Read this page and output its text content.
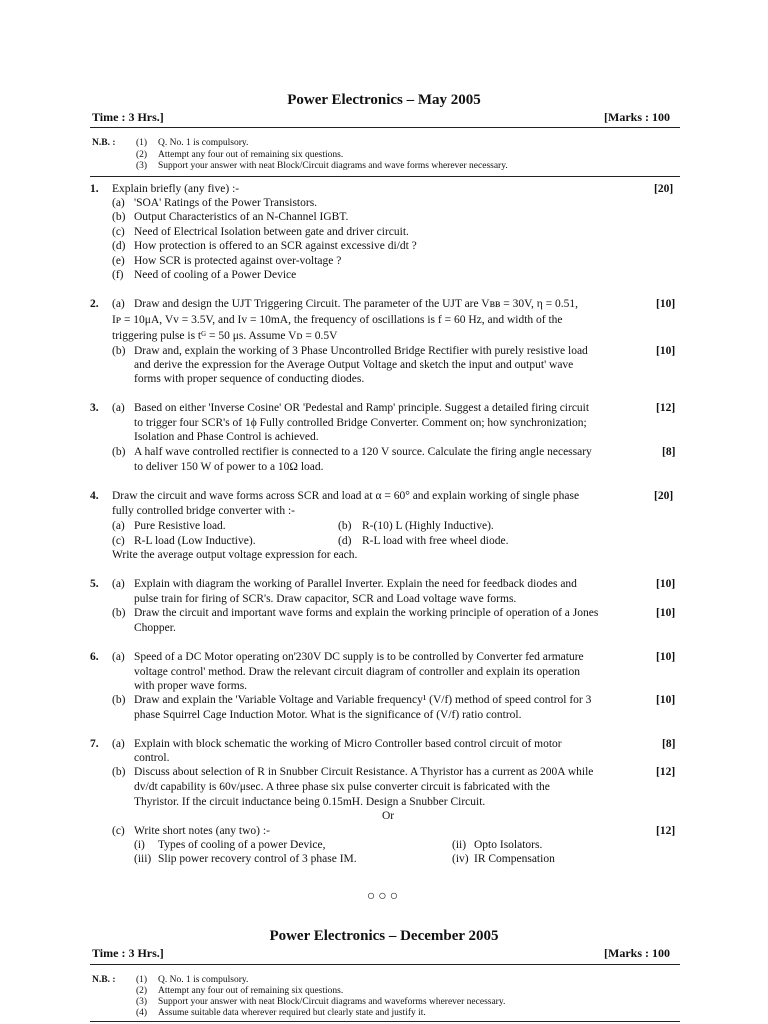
Power Electronics – May 2005
Time : 3 Hrs.]	[Marks : 100
N.B. : (1) Q. No. 1 is compulsory.
(2) Attempt any four out of remaining six questions.
(3) Support your answer with neat Block/Circuit diagrams and wave forms wherever necessary.
1. Explain briefly (any five) :-	[20]
(a) 'SOA' Ratings of the Power Transistors.
(b) Output Characteristics of an N-Channel IGBT.
(c) Need of Electrical Isolation between gate and driver circuit.
(d) How protection is offered to an SCR against excessive di/dt ?
(e) How SCR is protected against over-voltage ?
(f) Need of cooling of a Power Device
2. (a) Draw and design the UJT Triggering Circuit. The parameter of the UJT are Vʙʙ = 30V, η = 0.51,
Iᴘ = 10μA, Vᴠ = 3.5V, and Iᴠ = 10mA, the frequency of oscillations is f = 60 Hz, and width of the
triggering pulse is tᴳ = 50 μs. Assume Vᴅ = 0.5V
[10]
(b) Draw and, explain the working of 3 Phase Uncontrolled Bridge Rectifier with purely resistive load
and derive the expression for the Average Output Voltage and sketch the input and output' wave
forms with proper sequence of conducting diodes.
[10]
3. (a) Based on either 'Inverse Cosine' OR 'Pedestal and Ramp' principle. Suggest a detailed firing circuit
to trigger four SCR's of 1ϕ Fully controlled Bridge Converter. Comment on; how synchronization;
Isolation and Phase Control is achieved.
[12]
(b) A half wave controlled rectifier is connected to a 120 V source. Calculate the firing angle necessary
to deliver 150 W of power to a 10Ω load.
[8]
4. Draw the circuit and wave forms across SCR and load at α = 60° and explain working of single phase
fully controlled bridge converter with :-
[20]
(a) Pure Resistive load.	(b) R-(10) L (Highly Inductive).
(c) R-L load (Low Inductive).	(d) R-L load with free wheel diode.
Write the average output voltage expression for each.
5. (a) Explain with diagram the working of Parallel Inverter. Explain the need for feedback diodes and
pulse train for firing of SCR's. Draw capacitor, SCR and Load voltage wave forms.
[10]
(b) Draw the circuit and important wave forms and explain the working principle of operation of a Jones
Chopper.
[10]
6. (a) Speed of a DC Motor operating on'230V DC supply is to be controlled by Converter fed armature
voltage control' method. Draw the relevant circuit diagram of controller and explain its operation
with proper wave forms.
[10]
(b) Draw and explain the 'Variable Voltage and Variable frequency¹ (V/f) method of speed control for 3
phase Squirrel Cage Induction Motor. What is the significance of (V/f) ratio control.
[10]
7. (a) Explain with block schematic the working of Micro Controller based control circuit of motor
control.
[8]
(b) Discuss about selection of R in Snubber Circuit Resistance. A Thyristor has a current as 200A while
dv/dt capability is 60v/μsec. A three phase six pulse converter circuit is fabricated with the
Thyristor. If the circuit inductance being 0.15mH. Design a Snubber Circuit.
[12]
Or
(c) Write short notes (any two) :-	[12]
(i) Types of cooling of a power Device,	(ii) Opto Isolators.
(iii) Slip power recovery control of 3 phase IM.	(iv) IR Compensation
○○○
Power Electronics – December 2005
Time : 3 Hrs.]	[Marks : 100
N.B. : (1) Q. No. 1 is compulsory.
(2) Attempt any four out of remaining six questions.
(3) Support your answer with neat Block/Circuit diagrams and waveforms wherever necessary.
(4) Assume suitable data wherever required but clearly state and justify it.
